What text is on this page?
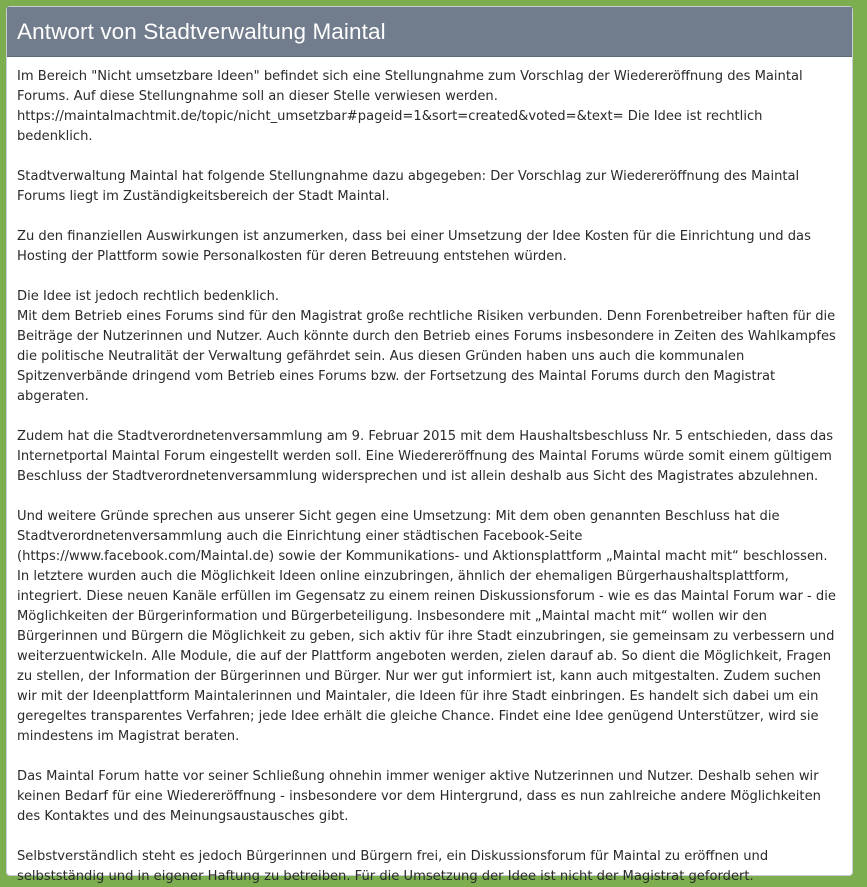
Antwort von Stadtverwaltung Maintal

Im Bereich "Nicht umsetzbare Ideen" befindet sich eine Stellungnahme zum Vorschlag der Wiedereröffnung des Maintal Forums. Auf diese Stellungnahme soll an dieser Stelle verwiesen werden. https://maintalmachtmit.de/topic/nicht_umsetzbar#pageid=1&sort=created&voted=&text= Die Idee ist rechtlich bedenklich.

Stadtverwaltung Maintal hat folgende Stellungnahme dazu abgegeben: Der Vorschlag zur Wiedereröffnung des Maintal Forums liegt im Zuständigkeitsbereich der Stadt Maintal.

Zu den finanziellen Auswirkungen ist anzumerken, dass bei einer Umsetzung der Idee Kosten für die Einrichtung und das Hosting der Plattform sowie Personalkosten für deren Betreuung entstehen würden.

Die Idee ist jedoch rechtlich bedenklich.
Mit dem Betrieb eines Forums sind für den Magistrat große rechtliche Risiken verbunden. Denn Forenbetreiber haften für die Beiträge der Nutzerinnen und Nutzer. Auch könnte durch den Betrieb eines Forums insbesondere in Zeiten des Wahlkampfes die politische Neutralität der Verwaltung gefährdet sein. Aus diesen Gründen haben uns auch die kommunalen Spitzenverbände dringend vom Betrieb eines Forums bzw. der Fortsetzung des Maintal Forums durch den Magistrat abgeraten.

Zudem hat die Stadtverordnetenversammlung am 9. Februar 2015 mit dem Haushaltsbeschluss Nr. 5 entschieden, dass das Internetportal Maintal Forum eingestellt werden soll. Eine Wiedereröffnung des Maintal Forums würde somit einem gültigem Beschluss der Stadtverordnetenversammlung widersprechen und ist allein deshalb aus Sicht des Magistrates abzulehnen.

Und weitere Gründe sprechen aus unserer Sicht gegen eine Umsetzung: Mit dem oben genannten Beschluss hat die Stadtverordnetenversammlung auch die Einrichtung einer städtischen Facebook-Seite (https://www.facebook.com/Maintal.de) sowie der Kommunikations- und Aktionsplattform „Maintal macht mit“ beschlossen. In letztere wurden auch die Möglichkeit Ideen online einzubringen, ähnlich der ehemaligen Bürgerhaushaltsplattform, integriert. Diese neuen Kanäle erfüllen im Gegensatz zu einem reinen Diskussionsforum - wie es das Maintal Forum war - die Möglichkeiten der Bürgerinformation und Bürgerbeteiligung. Insbesondere mit „Maintal macht mit“ wollen wir den Bürgerinnen und Bürgern die Möglichkeit zu geben, sich aktiv für ihre Stadt einzubringen, sie gemeinsam zu verbessern und weiterzuentwickeln. Alle Module, die auf der Plattform angeboten werden, zielen darauf ab. So dient die Möglichkeit, Fragen zu stellen, der Information der Bürgerinnen und Bürger. Nur wer gut informiert ist, kann auch mitgestalten. Zudem suchen wir mit der Ideenplattform Maintalerinnen und Maintaler, die Ideen für ihre Stadt einbringen. Es handelt sich dabei um ein geregeltes transparentes Verfahren; jede Idee erhält die gleiche Chance. Findet eine Idee genügend Unterstützer, wird sie mindestens im Magistrat beraten.

Das Maintal Forum hatte vor seiner Schließung ohnehin immer weniger aktive Nutzerinnen und Nutzer. Deshalb sehen wir keinen Bedarf für eine Wiedereröffnung - insbesondere vor dem Hintergrund, dass es nun zahlreiche andere Möglichkeiten des Kontaktes und des Meinungsaustausches gibt.

Selbstverständlich steht es jedoch Bürgerinnen und Bürgern frei, ein Diskussionsforum für Maintal zu eröffnen und selbstständig und in eigener Haftung zu betreiben. Für die Umsetzung der Idee ist nicht der Magistrat gefordert.
